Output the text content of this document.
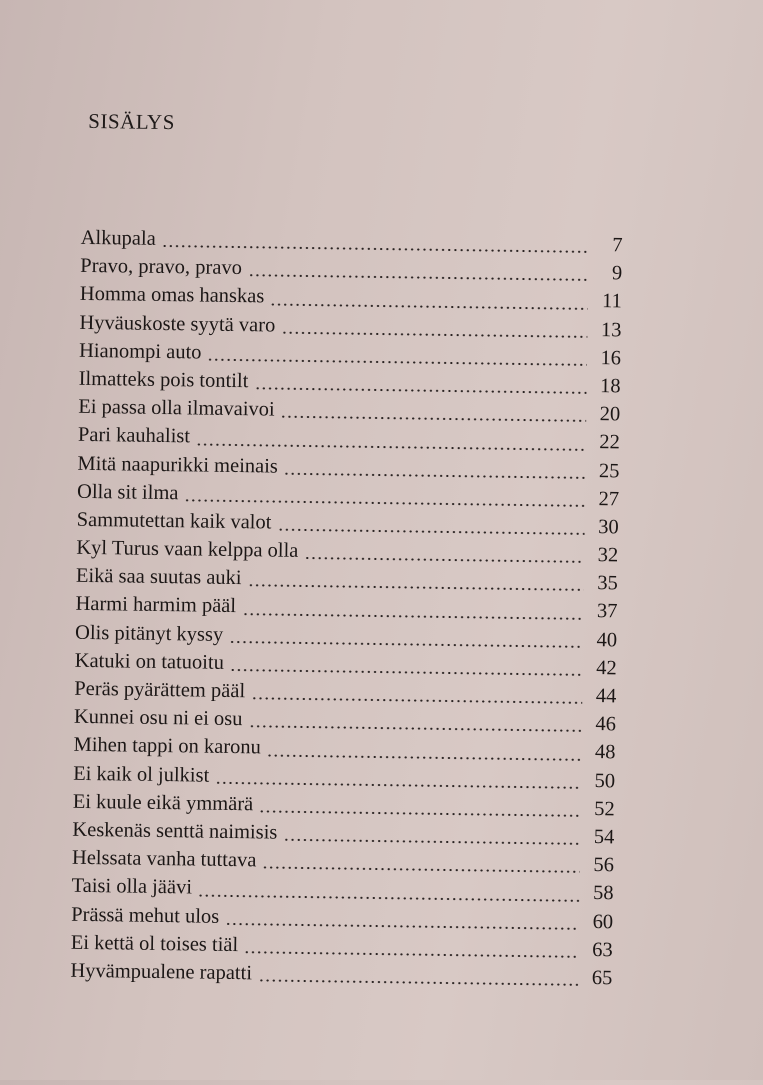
SISÄLYS
Alkupala	7
Pravo, pravo, pravo	9
Homma omas hanskas	11
Hyväuskoste syytä varo	13
Hianompi auto	16
Ilmatteks pois tontilt	18
Ei passa olla ilmavaivoi	20
Pari kauhalist	22
Mitä naapurikki meinais	25
Olla sit ilma	27
Sammutettan kaik valot	30
Kyl Turus vaan kelppa olla	32
Eikä saa suutas auki	35
Harmi harmim pääl	37
Olis pitänyt kyssy	40
Katuki on tatuoitu	42
Peräs pyärättem pääl	44
Kunnei osu ni ei osu	46
Mihen tappi on karonu	48
Ei kaik ol julkist	50
Ei kuule eikä ymmärä	52
Keskenäs senttä naimisis	54
Helssata vanha tuttava	56
Taisi olla jäävi	58
Prässä mehut ulos	60
Ei kettä ol toises tiäl	63
Hyvämpualene rapatti	65
